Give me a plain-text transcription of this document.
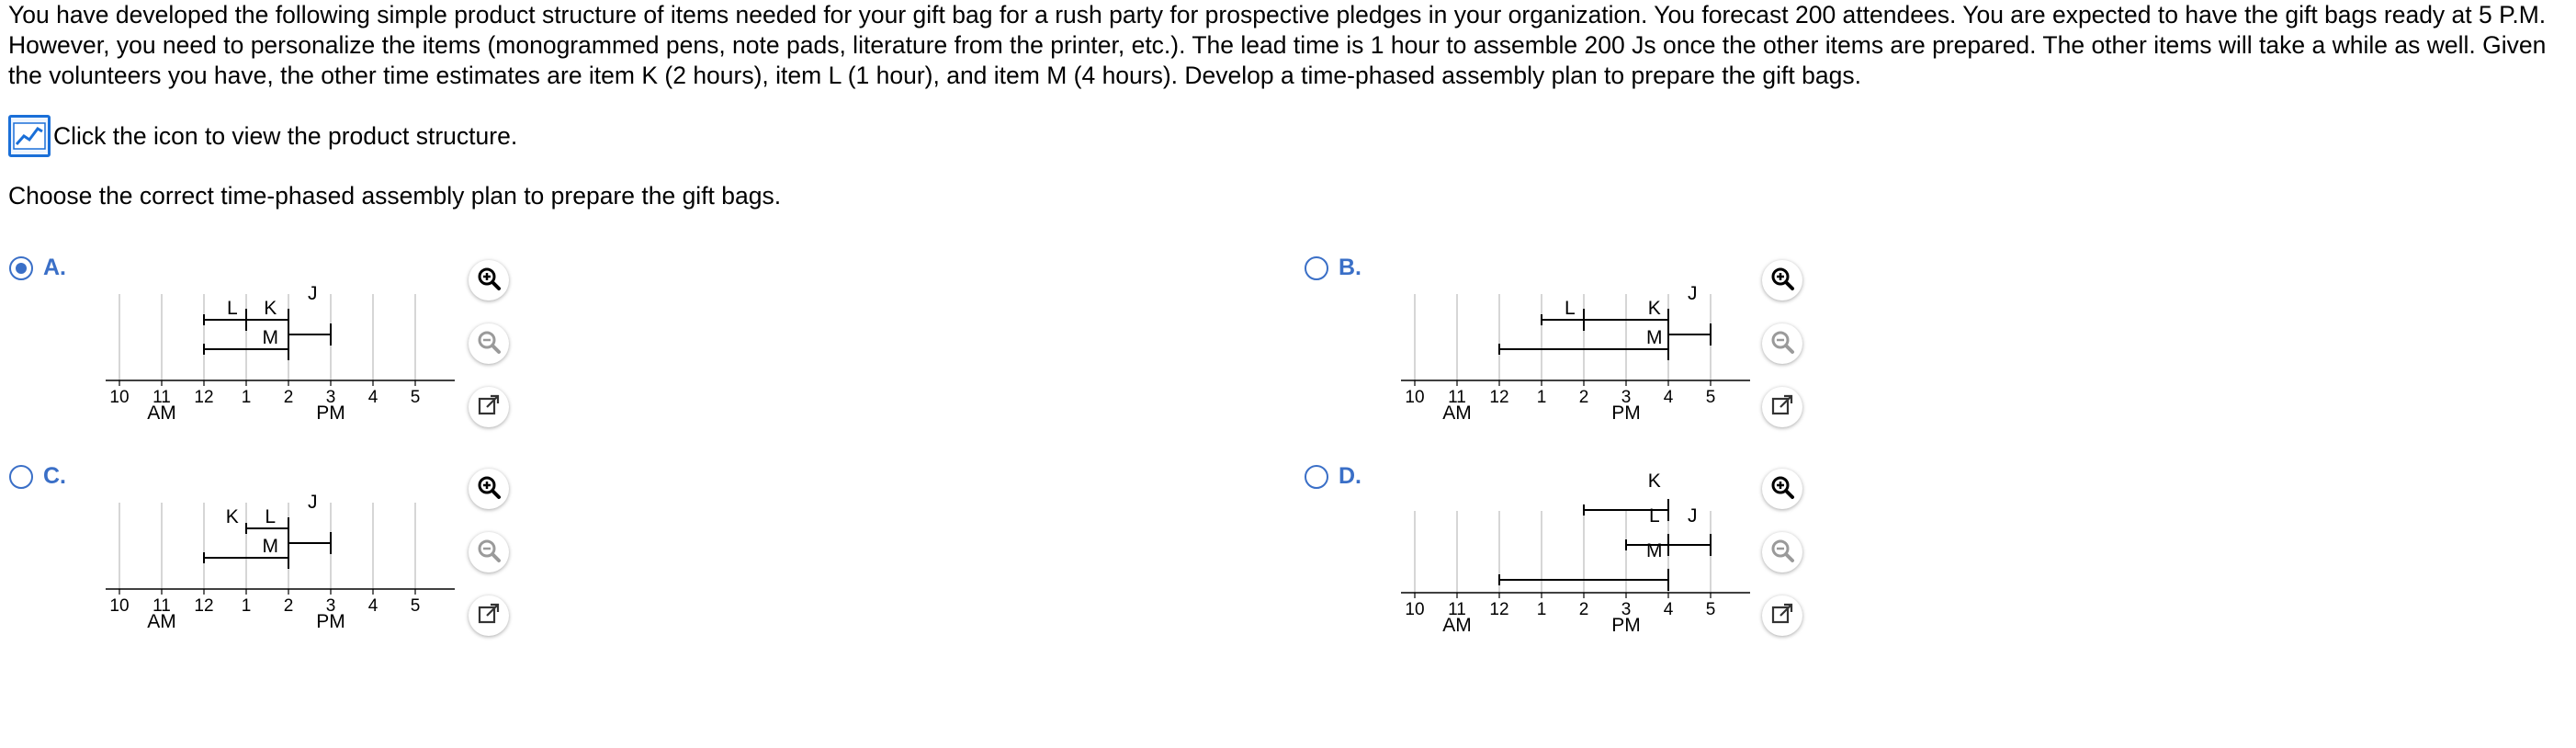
You have developed the following simple product structure of items needed for your gift bag for a rush party for prospective pledges in your organization. You forecast 200 attendees. You are expected to have the gift bags ready at 5 P.M. However, you need to personalize the items (monogrammed pens, note pads, literature from the printer, etc.). The lead time is 1 hour to assemble 200 Js once the other items are prepared. The other items will take a while as well. Given the volunteers you have, the other time estimates are item K (2 hours), item L (1 hour), and item M (4 hours). Develop a time-phased assembly plan to prepare the gift bags.

Click the icon to view the product structure.

Choose the correct time-phased assembly plan to prepare the gift bags.

A.
10 11 12 1 2 3 4 5
AM	PM
L K
M
J
B.
10 11 12 1 2 3 4 5
AM	PM
L	K
M
J
C.
10 11 12 1 2 3 4 5
AM	PM
K L
M
J
D.
10 11 12 1 2 3 4 5
AM	PM
K
L
M
J
